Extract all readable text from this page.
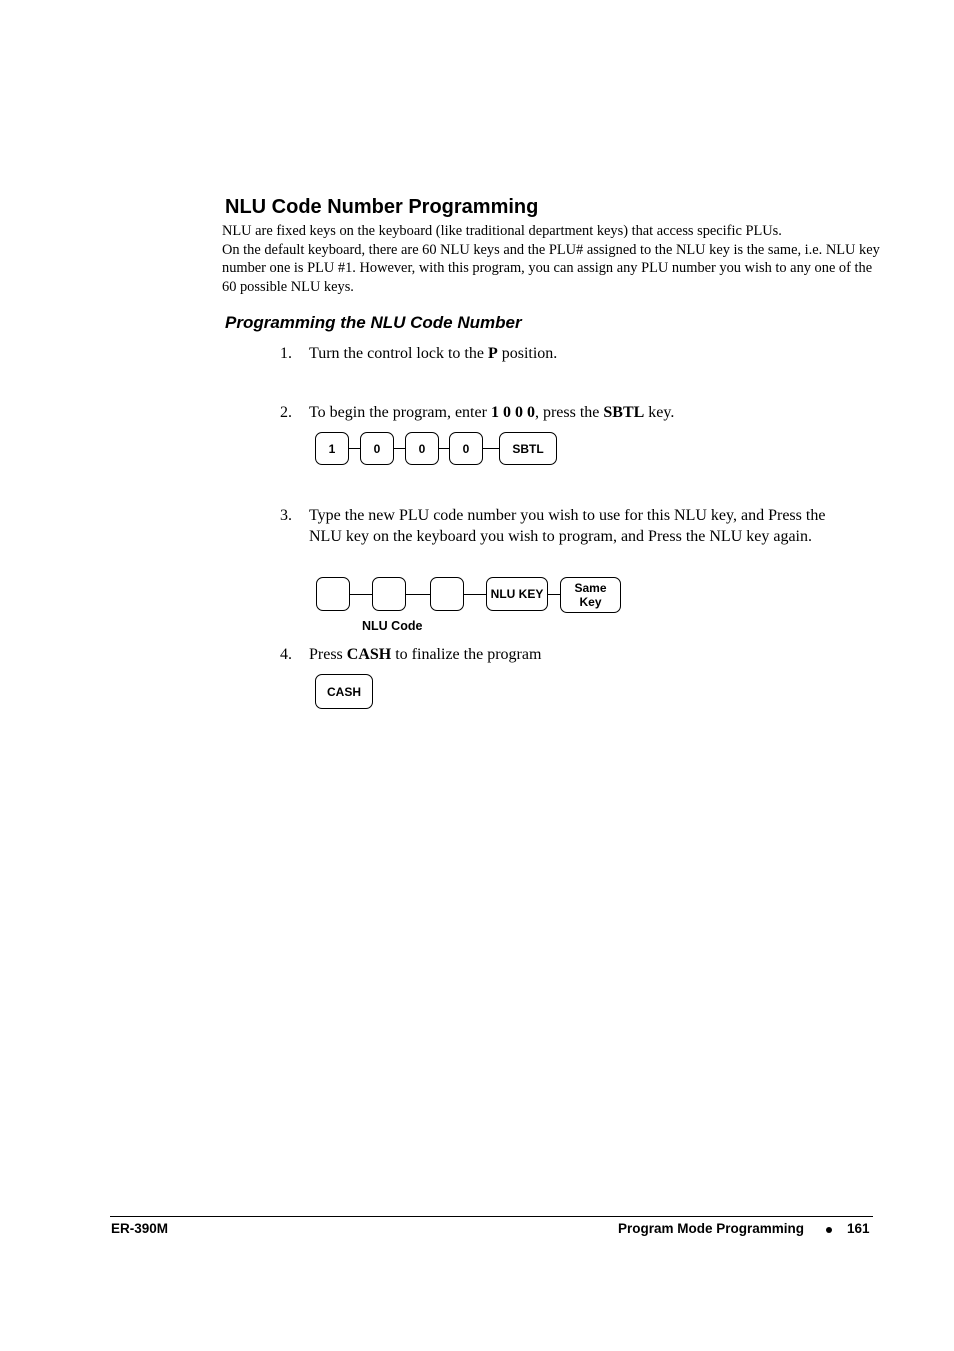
NLU Code Number Programming

NLU are fixed keys on the keyboard (like traditional department keys) that access specific PLUs.

On the default keyboard, there are 60 NLU keys and the PLU# assigned to the NLU key is the same, i.e. NLU key number one is PLU #1. However, with this program, you can assign any PLU number you wish to any one of the 60 possible NLU keys.

Programming the NLU Code Number
1. Turn the control lock to the P position.
2. To begin the program, enter 1 0 0 0, press the SBTL key.
1	0	0	0	SBTL
3. Type the new PLU code number you wish to use for this NLU key, and Press the NLU key on the keyboard you wish to program, and Press the NLU key again.
NLU KEY	Same
Key
NLU Code
4. Press CASH to finalize the program
CASH
ER-390M	Program Mode Programming	161
